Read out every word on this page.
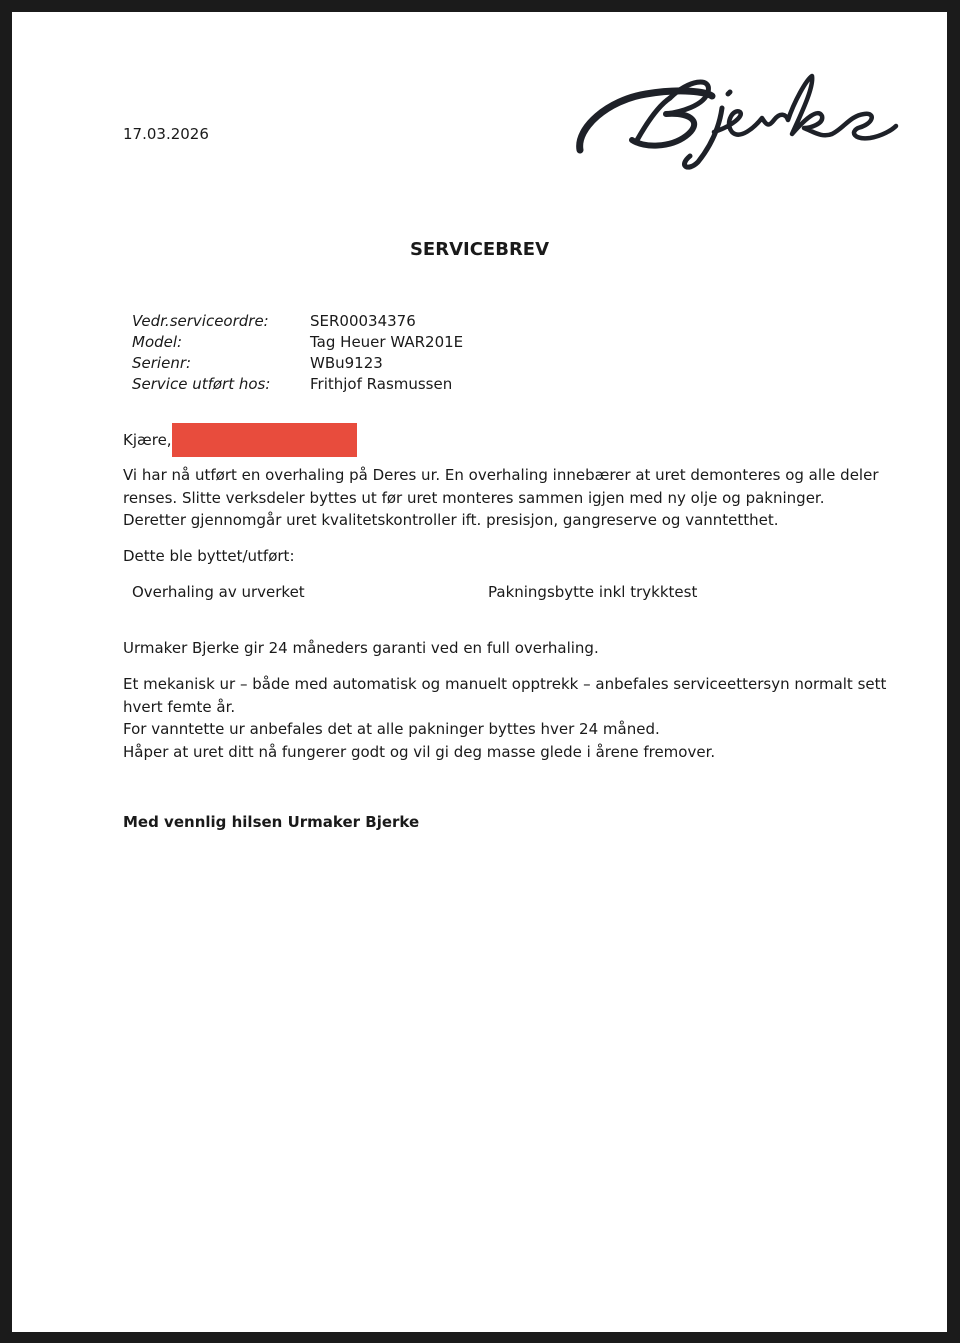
17.03.2026
SERVICEBREV
Vedr.serviceordre:	SER00034376
Model:	Tag Heuer WAR201E
Serienr:	WBu9123
Service utført hos:	Frithjof Rasmussen
Kjære,
Vi har nå utført en overhaling på Deres ur. En overhaling innebærer at uret demonteres og alle deler
renses. Slitte verksdeler byttes ut før uret monteres sammen igjen med ny olje og pakninger.
Deretter gjennomgår uret kvalitetskontroller ift. presisjon, gangreserve og vanntetthet.
Dette ble byttet/utført:
Overhaling av urverket	Pakningsbytte inkl trykktest
Urmaker Bjerke gir 24 måneders garanti ved en full overhaling.
Et mekanisk ur – både med automatisk og manuelt opptrekk – anbefales serviceettersyn normalt sett
hvert femte år.
For vanntette ur anbefales det at alle pakninger byttes hver 24 måned.
Håper at uret ditt nå fungerer godt og vil gi deg masse glede i årene fremover.
Med vennlig hilsen Urmaker Bjerke
